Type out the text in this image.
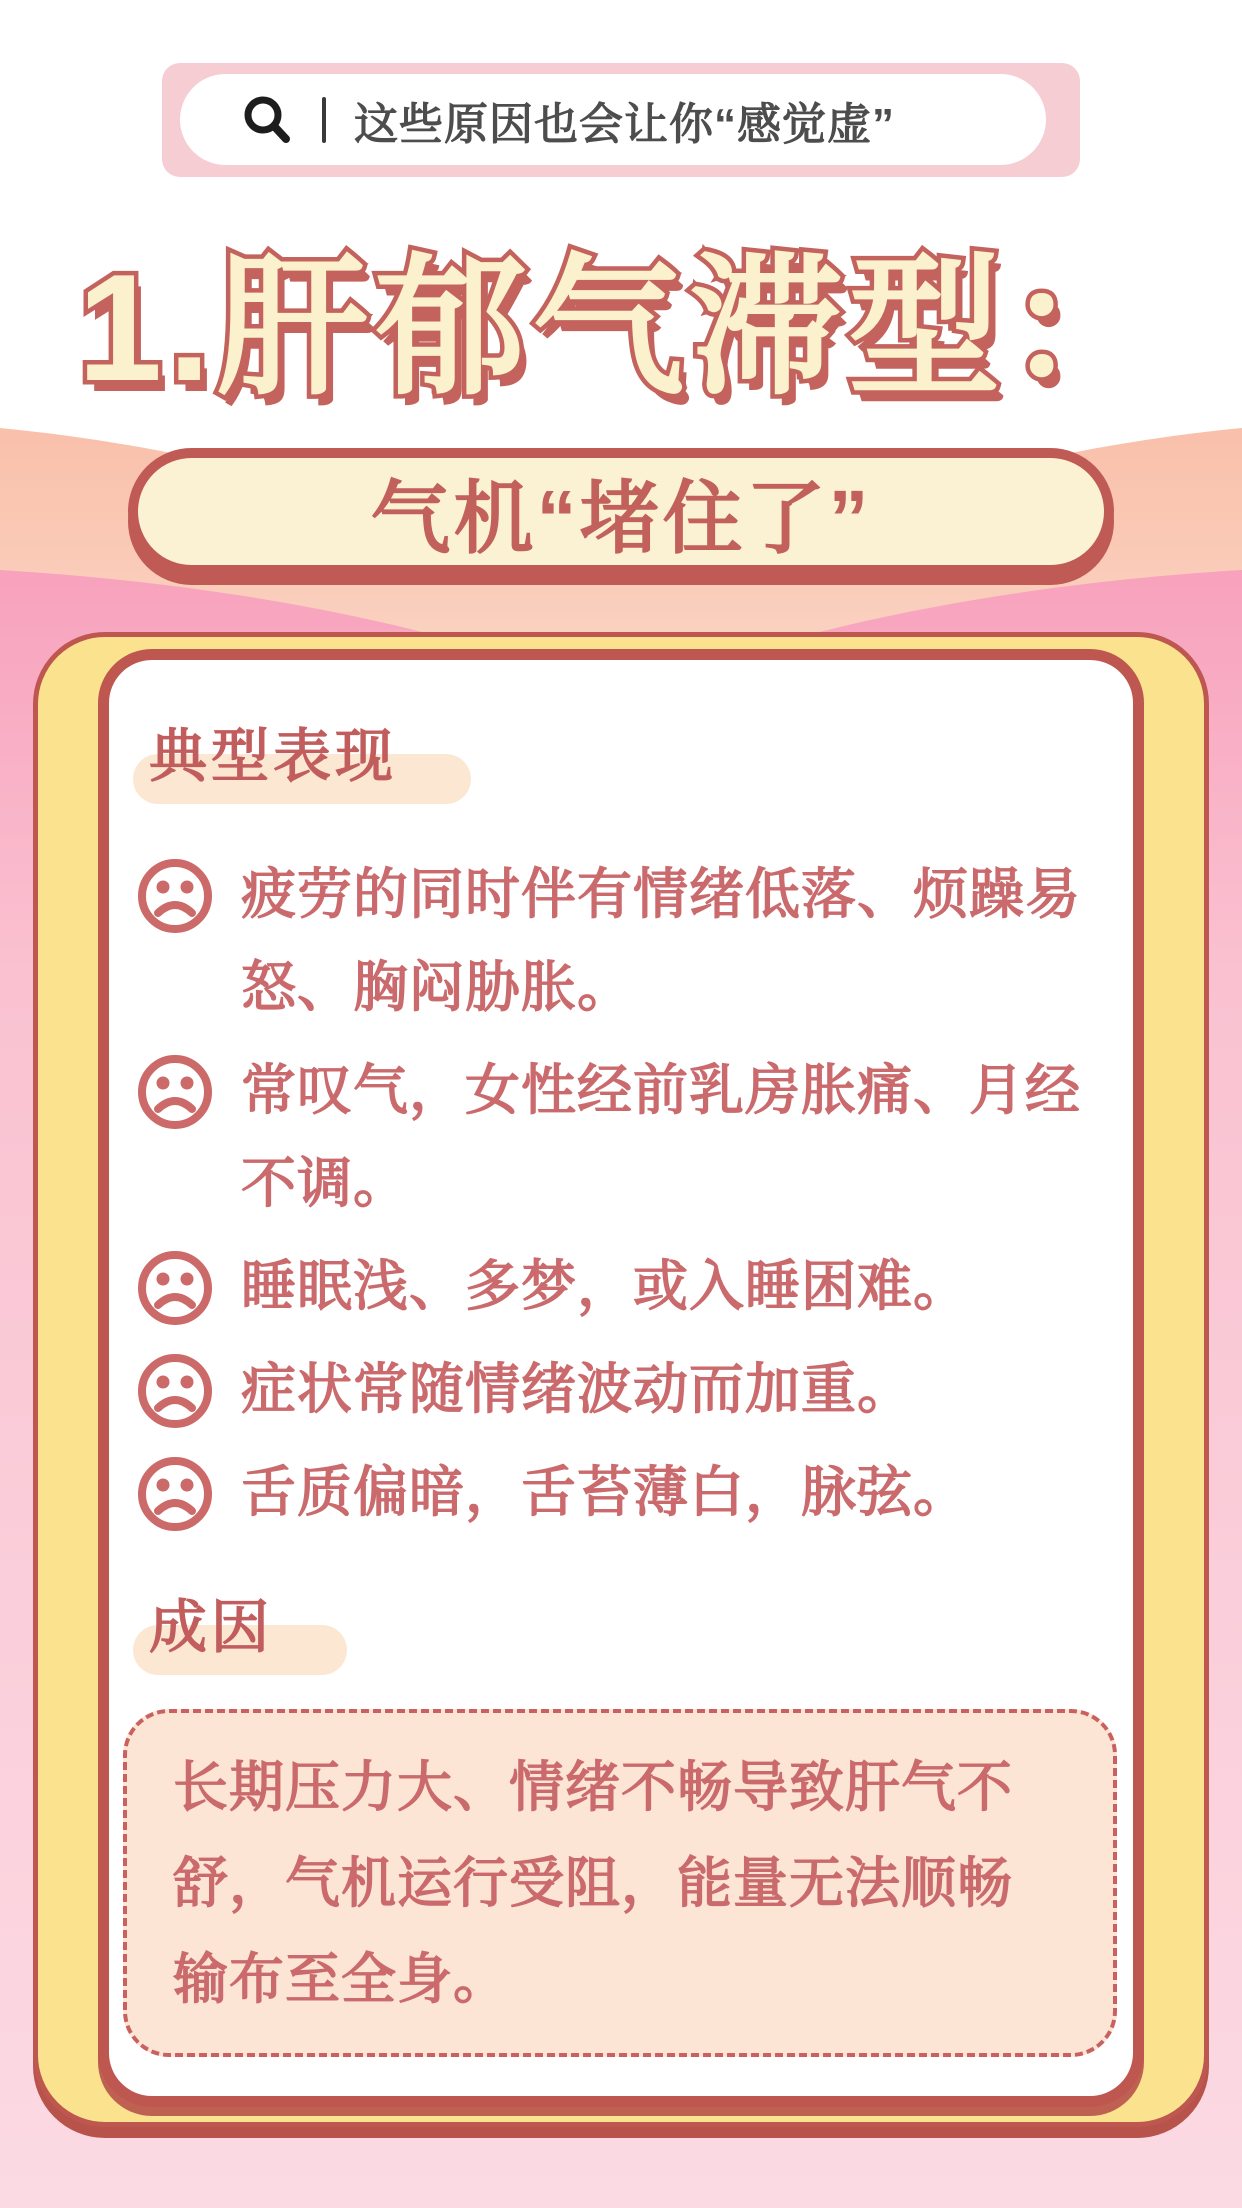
这些原因也会让你“感觉虚”
1.肝郁气滞型：
气机“堵住了”
典型表现
疲劳的同时伴有情绪低落、烦躁易怒、胸闷胁胀。
常叹气，女性经前乳房胀痛、月经不调。
睡眠浅、多梦，或入睡困难。
症状常随情绪波动而加重。
舌质偏暗，舌苔薄白，脉弦。
成因
长期压力大、情绪不畅导致肝气不舒，气机运行受阻，能量无法顺畅输布至全身。
